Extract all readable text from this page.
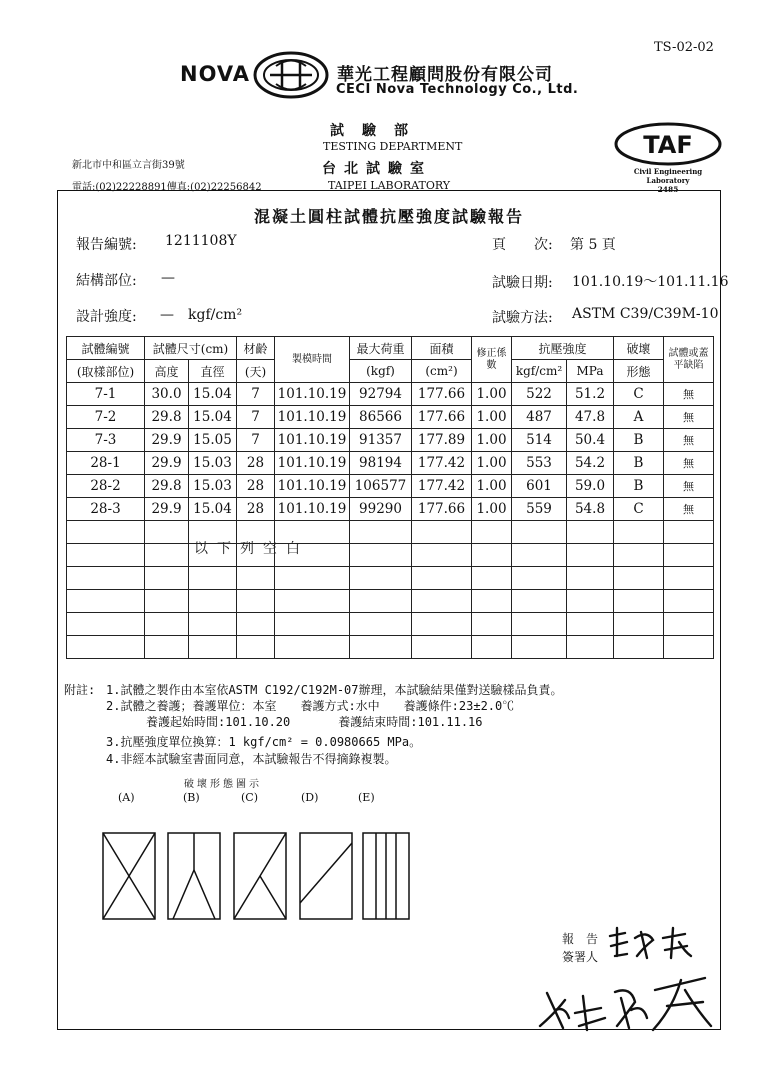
TS-02-02
NOVA	華光工程顧問股份有限公司
CECI Nova Technology Co., Ltd.
試驗部
TESTING DEPARTMENT
台北試驗室
TAIPEI LABORATORY
新北市中和區立言街39號
電話:(02)22228891傳真:(02)22256842
TAF
Civil Engineering
Laboratory
2485
混凝土圓柱試體抗壓強度試驗報告
報告編號: 1211108Y	頁　　次: 第 5 頁
結構部位: —	試驗日期: 101.10.19～101.11.16
設計強度: —　kgf/cm²	試驗方法: ASTM C39/C39M-10
試體編號	試體尺寸(cm)		材齡	製模時間	最大荷重	面積	修正係數	抗壓強度		破壞	試體或蓋平缺陷
(取樣部位)	高度	直徑	(天)		(kgf)	(cm²)		kgf/cm²	MPa	形態	
7-1	30.0	15.04	7	101.10.19	92794	177.66	1.00	522	51.2	C	無
7-2	29.8	15.04	7	101.10.19	86566	177.66	1.00	487	47.8	A	無
7-3	29.9	15.05	7	101.10.19	91357	177.89	1.00	514	50.4	B	無
28-1	29.9	15.03	28	101.10.19	98194	177.42	1.00	553	54.2	B	無
28-2	29.8	15.03	28	101.10.19	106577	177.42	1.00	601	59.0	B	無
28-3	29.9	15.04	28	101.10.19	99290	177.66	1.00	559	54.8	C	無

以下列空白
附註: 1.試體之製作由本室依ASTM C192/C192M-07辦理，本試驗結果僅對送驗樣品負責。
2.試體之養護；養護單位：本室　　養護方式:水中　　養護條件:23±2.0℃
養護起始時間:101.10.20　　　　養護結束時間:101.11.16
3.抗壓強度單位換算：1 kgf/cm² = 0.0980665 MPa。
4.非經本試驗室書面同意，本試驗報告不得摘錄複製。
破壞形態圖示
(A)	(B)	(C)	(D)	(E)
報　告
簽署人
